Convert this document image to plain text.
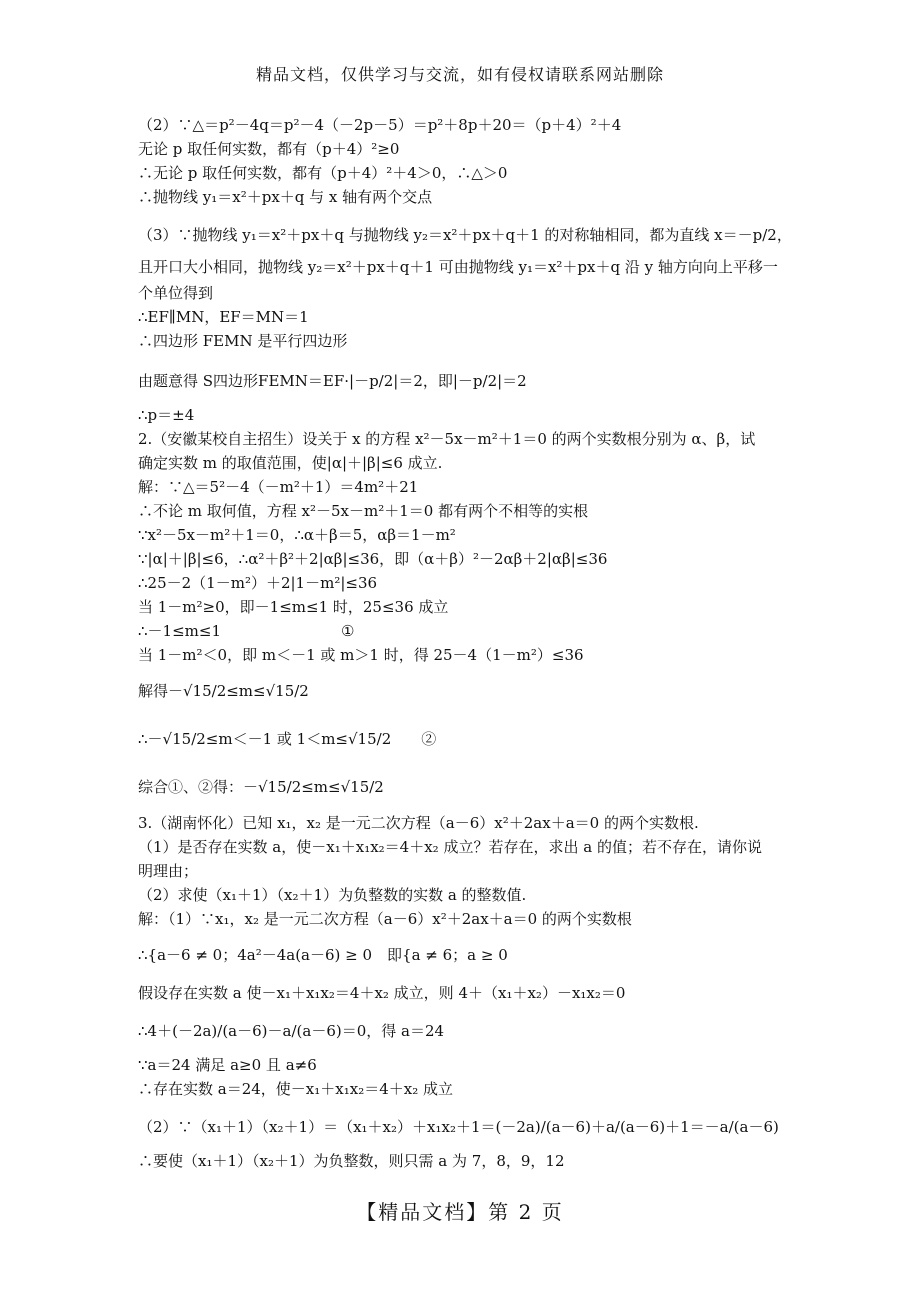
精品文档，仅供学习与交流，如有侵权请联系网站删除
（2）∵△＝p²－4q＝p²－4（－2p－5）＝p²＋8p＋20＝（p＋4）²＋4
无论 p 取任何实数，都有（p＋4）²≥0
∴无论 p 取任何实数，都有（p＋4）²＋4＞0，∴△＞0
∴抛物线 y₁＝x²＋px＋q 与 x 轴有两个交点
（3）∵抛物线 y₁＝x²＋px＋q 与抛物线 y₂＝x²＋px＋q＋1 的对称轴相同，都为直线 x＝－p/2，
且开口大小相同，抛物线 y₂＝x²＋px＋q＋1 可由抛物线 y₁＝x²＋px＋q 沿 y 轴方向向上平移一
个单位得到
∴EF∥MN，EF＝MN＝1
∴四边形 FEMN 是平行四边形
由题意得 S四边形FEMN＝EF·|－p/2|＝2，即|－p/2|＝2
∴p＝±4
2.（安徽某校自主招生）设关于 x 的方程 x²－5x－m²＋1＝0 的两个实数根分别为 α、β，试
确定实数 m 的取值范围，使|α|＋|β|≤6 成立.
解：∵△＝5²－4（－m²＋1）＝4m²＋21
∴不论 m 取何值，方程 x²－5x－m²＋1＝0 都有两个不相等的实根
∵x²－5x－m²＋1＝0，∴α＋β＝5，αβ＝1－m²
∵|α|＋|β|≤6，∴α²＋β²＋2|αβ|≤36，即（α＋β）²－2αβ＋2|αβ|≤36
∴25－2（1－m²）＋2|1－m²|≤36
当 1－m²≥0，即－1≤m≤1 时，25≤36 成立
∴－1≤m≤1　　　　　　　　①
当 1－m²＜0，即 m＜－1 或 m＞1 时，得 25－4（1－m²）≤36
解得－√15/2≤m≤√15/2
∴－√15/2≤m＜－1 或 1＜m≤√15/2　　②
综合①、②得：－√15/2≤m≤√15/2
3.（湖南怀化）已知 x₁，x₂ 是一元二次方程（a－6）x²＋2ax＋a＝0 的两个实数根.
（1）是否存在实数 a，使－x₁＋x₁x₂＝4＋x₂ 成立？若存在，求出 a 的值；若不存在，请你说
明理由；
（2）求使（x₁＋1）（x₂＋1）为负整数的实数 a 的整数值.
解：（1）∵x₁，x₂ 是一元二次方程（a－6）x²＋2ax＋a＝0 的两个实数根
∴{a－6 ≠ 0；4a²－4a(a－6) ≥ 0　即{a ≠ 6；a ≥ 0
假设存在实数 a 使－x₁＋x₁x₂＝4＋x₂ 成立，则 4＋（x₁＋x₂）－x₁x₂＝0
∴4＋(－2a)/(a－6)－a/(a－6)＝0，得 a＝24
∵a＝24 满足 a≥0 且 a≠6
∴存在实数 a＝24，使－x₁＋x₁x₂＝4＋x₂ 成立
（2）∵（x₁＋1）（x₂＋1）＝（x₁＋x₂）＋x₁x₂＋1＝(－2a)/(a－6)＋a/(a－6)＋1＝－a/(a－6)
∴要使（x₁＋1）（x₂＋1）为负整数，则只需 a 为 7，8，9，12
【精品文档】第 2 页
